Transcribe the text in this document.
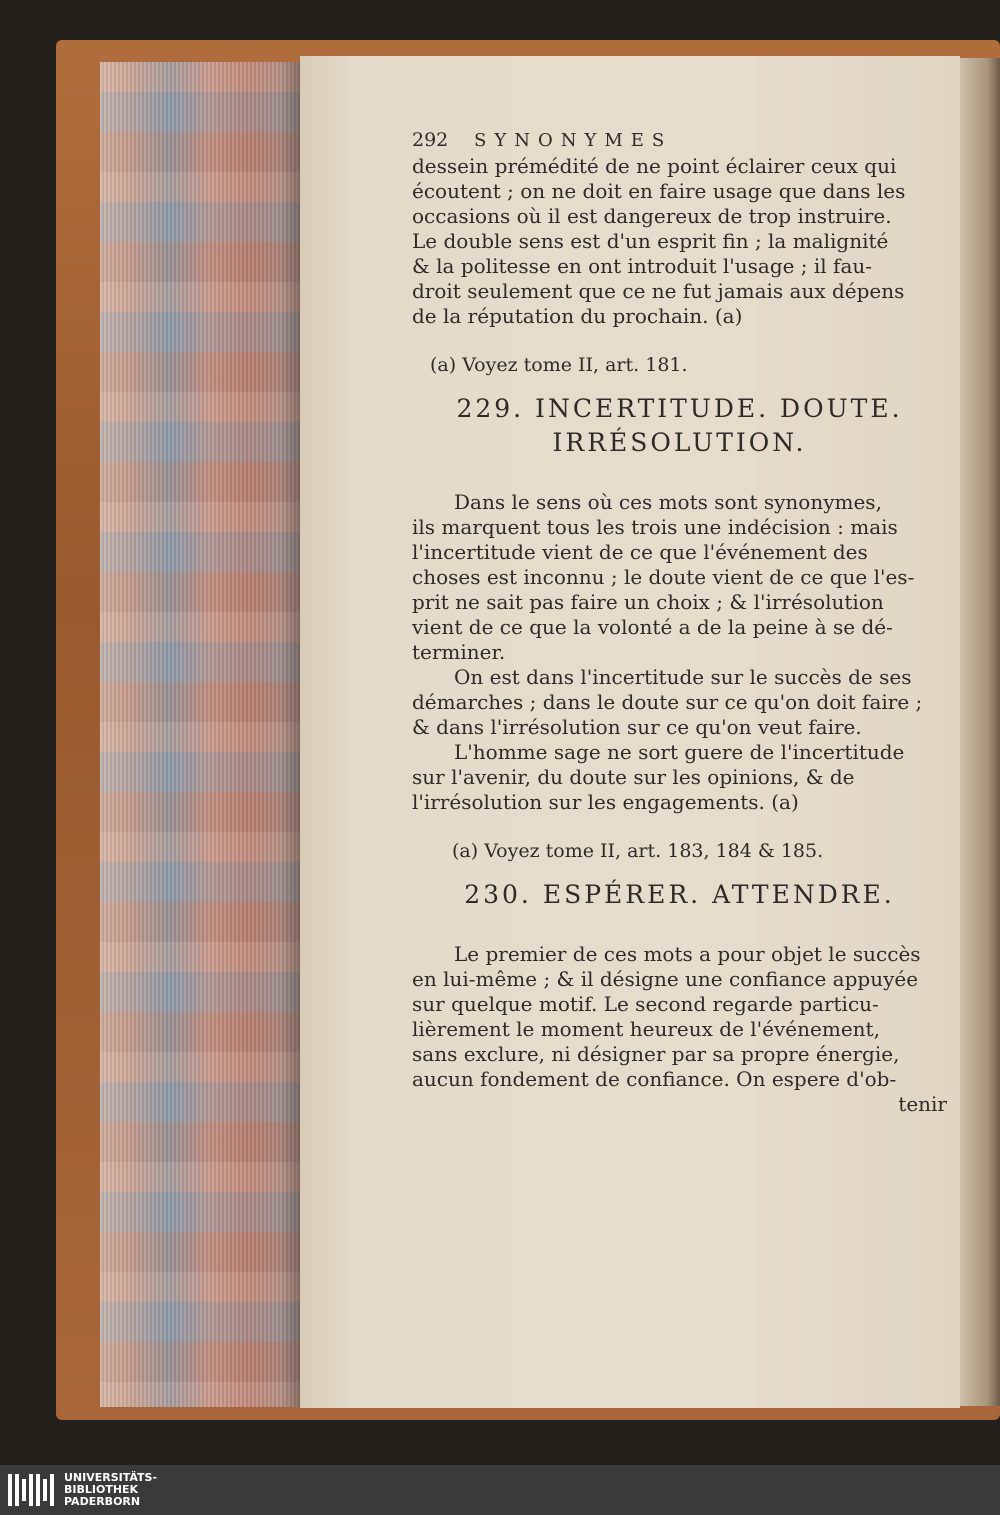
292	SYNONYMES

dessein prémédité de ne point éclairer ceux qui

écoutent ; on ne doit en faire usage que dans les

occasions où il est dangereux de trop instruire.

Le double sens est d'un esprit fin ; la malignité

& la politesse en ont introduit l'usage ; il fau-

droit seulement que ce ne fut jamais aux dépens

de la réputation du prochain. (a)

(a) Voyez tome II, art. 181.

229. INCERTITUDE. DOUTE.
IRRÉSOLUTION.

Dans le sens où ces mots sont synonymes,

ils marquent tous les trois une indécision : mais

l'incertitude vient de ce que l'événement des

choses est inconnu ; le doute vient de ce que l'es-

prit ne sait pas faire un choix ; & l'irrésolution

vient de ce que la volonté a de la peine à se dé-

terminer.

On est dans l'incertitude sur le succès de ses

démarches ; dans le doute sur ce qu'on doit faire ;

& dans l'irrésolution sur ce qu'on veut faire.

L'homme sage ne sort guere de l'incertitude

sur l'avenir, du doute sur les opinions, & de

l'irrésolution sur les engagements. (a)

(a) Voyez tome II, art. 183, 184 & 185.

230. ESPÉRER. ATTENDRE.

Le premier de ces mots a pour objet le succès

en lui-même ; & il désigne une confiance appuyée

sur quelque motif. Le second regarde particu-

lièrement le moment heureux de l'événement,

sans exclure, ni désigner par sa propre énergie,

aucun fondement de confiance. On espere d'ob-

tenir

UNIVERSITÄTS-
BIBLIOTHEK
PADERBORN
